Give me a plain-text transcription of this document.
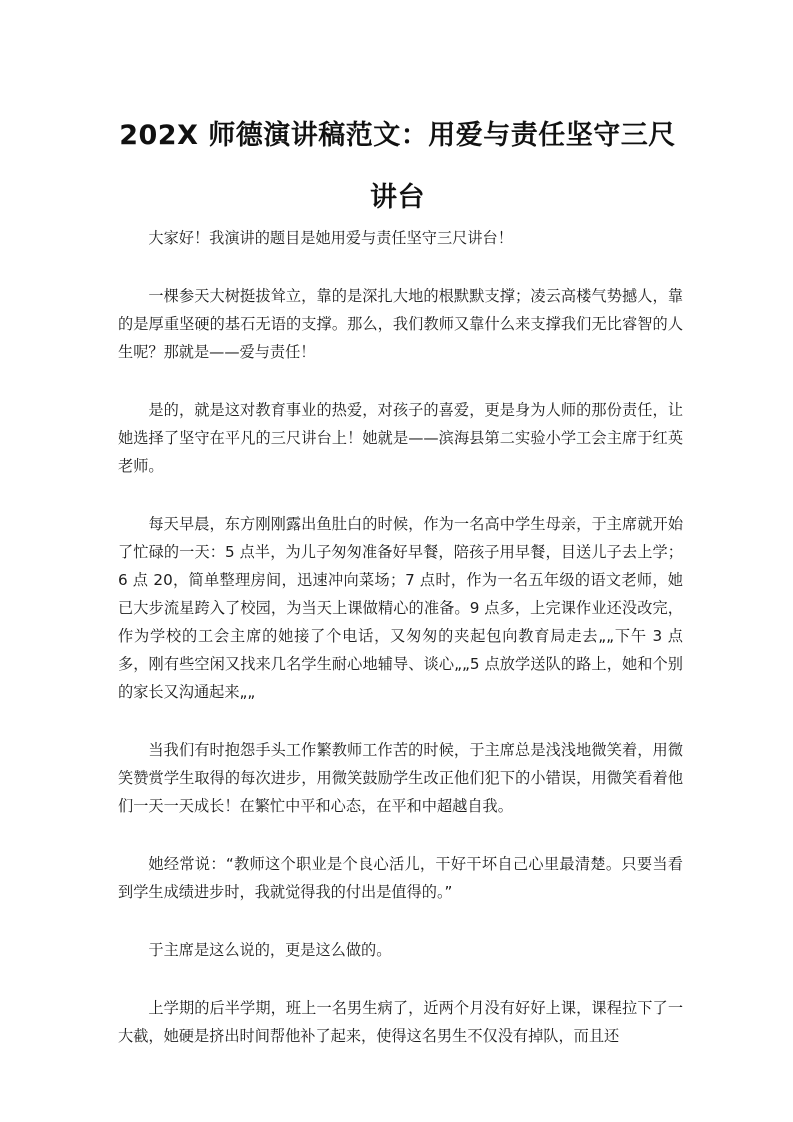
202X 师德演讲稿范文：用爱与责任坚守三尺讲台

大家好！我演讲的题目是她用爱与责任坚守三尺讲台！

一棵参天大树挺拔耸立，靠的是深扎大地的根默默支撑；凌云高楼气势撼人，靠的是厚重坚硬的基石无语的支撑。那么，我们教师又靠什么来支撑我们无比睿智的人生呢？那就是——爱与责任！

是的，就是这对教育事业的热爱，对孩子的喜爱，更是身为人师的那份责任，让她选择了坚守在平凡的三尺讲台上！她就是——滨海县第二实验小学工会主席于红英老师。

每天早晨，东方刚刚露出鱼肚白的时候，作为一名高中学生母亲，于主席就开始了忙碌的一天：5 点半，为儿子匆匆准备好早餐，陪孩子用早餐，目送儿子去上学；6 点 20，简单整理房间，迅速冲向菜场；7 点时，作为一名五年级的语文老师，她已大步流星跨入了校园，为当天上课做精心的准备。9 点多，上完课作业还没改完，作为学校的工会主席的她接了个电话，又匆匆的夹起包向教育局走去„„下午 3 点多，刚有些空闲又找来几名学生耐心地辅导、谈心„„5 点放学送队的路上，她和个别的家长又沟通起来„„

当我们有时抱怨手头工作繁教师工作苦的时候，于主席总是浅浅地微笑着，用微笑赞赏学生取得的每次进步，用微笑鼓励学生改正他们犯下的小错误，用微笑看着他们一天一天成长！在繁忙中平和心态，在平和中超越自我。

她经常说：“教师这个职业是个良心活儿，干好干坏自己心里最清楚。只要当看到学生成绩进步时，我就觉得我的付出是值得的。”

于主席是这么说的，更是这么做的。

上学期的后半学期，班上一名男生病了，近两个月没有好好上课，课程拉下了一大截，她硬是挤出时间帮他补了起来，使得这名男生不仅没有掉队，而且还
